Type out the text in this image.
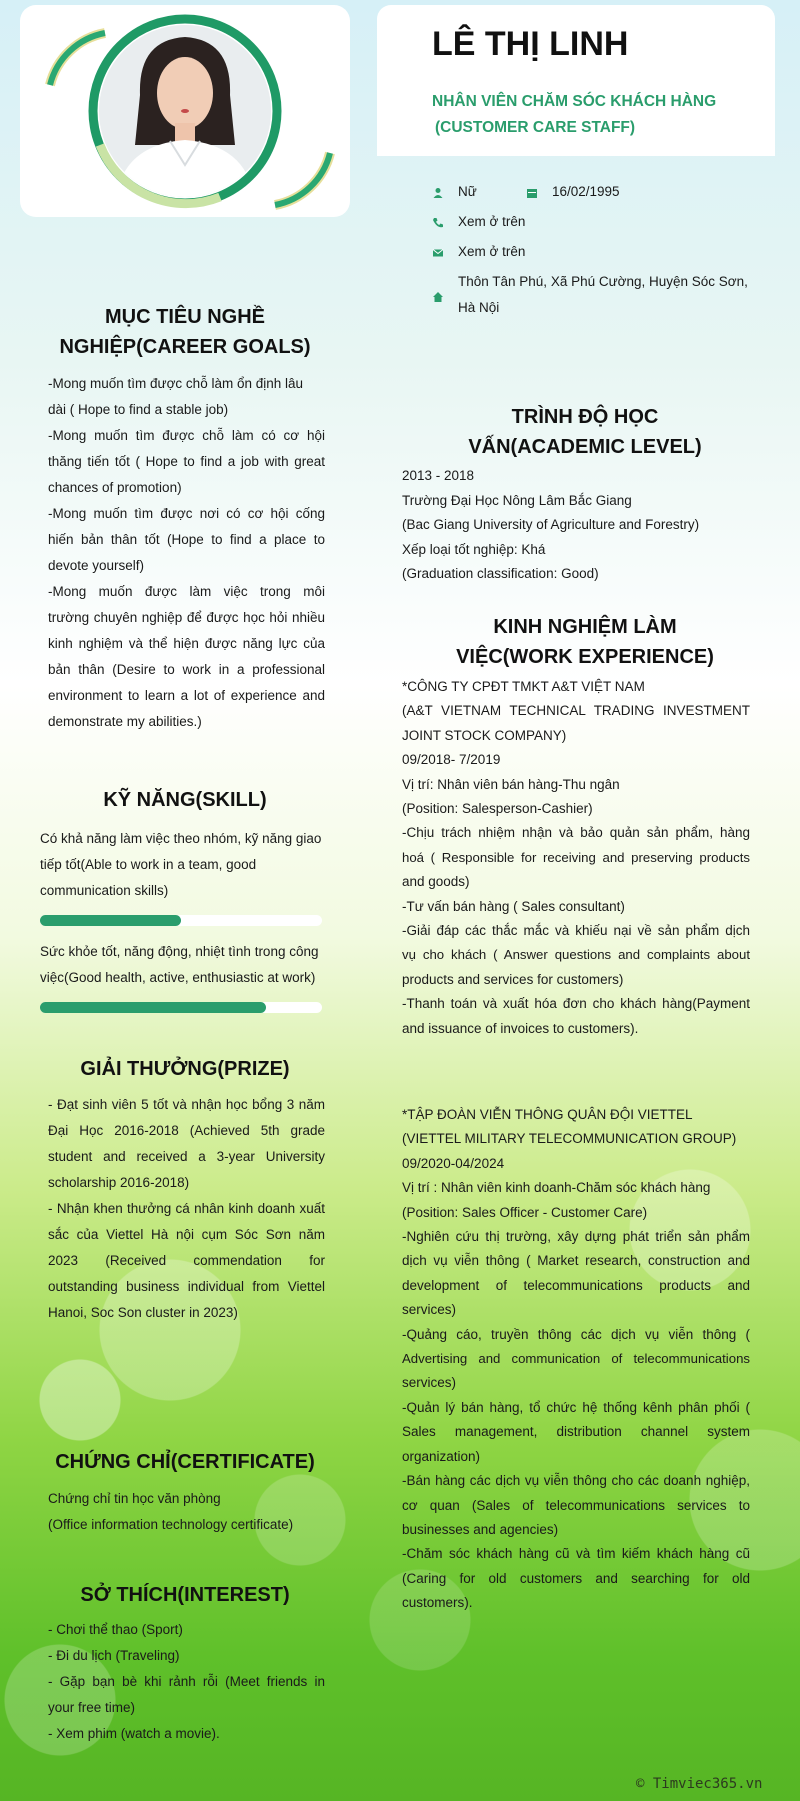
LÊ THỊ LINH
NHÂN VIÊN CHĂM SÓC KHÁCH HÀNG
(CUSTOMER CARE STAFF)
Nữ	16/02/1995
Xem ở trên
Xem ở trên
Thôn Tân Phú, Xã Phú Cường, Huyện Sóc Sơn,
Hà Nội
MỤC TIÊU NGHỀ
NGHIỆP(CAREER GOALS)

-Mong muốn tìm được chỗ làm ổn định lâu

dài ( Hope to find a stable job)

-Mong muốn tìm được chỗ làm có cơ hội

thăng tiến tốt ( Hope to find a job with great

chances of promotion)

-Mong muốn tìm được nơi có cơ hội cống

hiến bản thân tốt (Hope to find a place to

devote yourself)

-Mong muốn được làm việc trong môi

trường chuyên nghiệp để được học hỏi nhiều

kinh nghiệm và thể hiện được năng lực của

bản thân (Desire to work in a professional

environment to learn a lot of experience and

demonstrate my abilities.)

KỸ NĂNG(SKILL)

Có khả năng làm việc theo nhóm, kỹ năng giao

tiếp tốt(Able to work in a team, good

communication skills)

Sức khỏe tốt, năng động, nhiệt tình trong công

việc(Good health, active, enthusiastic at work)

GIẢI THƯỞNG(PRIZE)

- Đạt sinh viên 5 tốt và nhận học bổng 3 năm

Đại Học 2016-2018 (Achieved 5th grade

student and received a 3-year University

scholarship 2016-2018)

- Nhận khen thưởng cá nhân kinh doanh xuất

sắc của Viettel Hà nội cụm Sóc Sơn năm

2023 (Received commendation for

outstanding business individual from Viettel

Hanoi, Soc Son cluster in 2023)

CHỨNG CHỈ(CERTIFICATE)

Chứng chỉ tin học văn phòng

(Office information technology certificate)

SỞ THÍCH(INTEREST)

- Chơi thể thao (Sport)

- Đi du lịch (Traveling)

- Gặp bạn bè khi rảnh rỗi (Meet friends in

your free time)

- Xem phim (watch a movie).

TRÌNH ĐỘ HỌC
VẤN(ACADEMIC LEVEL)

2013 - 2018

Trường Đại Học Nông Lâm Bắc Giang

(Bac Giang University of Agriculture and Forestry)

Xếp loại tốt nghiệp: Khá

(Graduation classification: Good)

KINH NGHIỆM LÀM
VIỆC(WORK EXPERIENCE)

*CÔNG TY CPĐT TMKT A&T VIỆT NAM

(A&T VIETNAM TECHNICAL TRADING INVESTMENT

JOINT STOCK COMPANY)

09/2018- 7/2019

Vị trí: Nhân viên bán hàng-Thu ngân

(Position: Salesperson-Cashier)

-Chịu trách nhiệm nhận và bảo quản sản phẩm, hàng

hoá ( Responsible for receiving and preserving products

and goods)

-Tư vấn bán hàng ( Sales consultant)

-Giải đáp các thắc mắc và khiếu nại về sản phẩm dịch

vụ cho khách ( Answer questions and complaints about

products and services for customers)

-Thanh toán và xuất hóa đơn cho khách hàng(Payment

and issuance of invoices to customers).

*TẬP ĐOÀN VIỄN THÔNG QUÂN ĐỘI VIETTEL

(VIETTEL MILITARY TELECOMMUNICATION GROUP)

09/2020-04/2024

Vị trí : Nhân viên kinh doanh-Chăm sóc khách hàng

(Position: Sales Officer - Customer Care)

-Nghiên cứu thị trường, xây dựng phát triển sản phẩm

dịch vụ viễn thông ( Market research, construction and

development of telecommunications products and

services)

-Quảng cáo, truyền thông các dịch vụ viễn thông (

Advertising and communication of telecommunications

services)

-Quản lý bán hàng, tổ chức hệ thống kênh phân phối (

Sales management, distribution channel system

organization)

-Bán hàng các dịch vụ viễn thông cho các doanh nghiệp,

cơ quan (Sales of telecommunications services to

businesses and agencies)

-Chăm sóc khách hàng cũ và tìm kiếm khách hàng cũ

(Caring for old customers and searching for old

customers).

© Timviec365.vn
